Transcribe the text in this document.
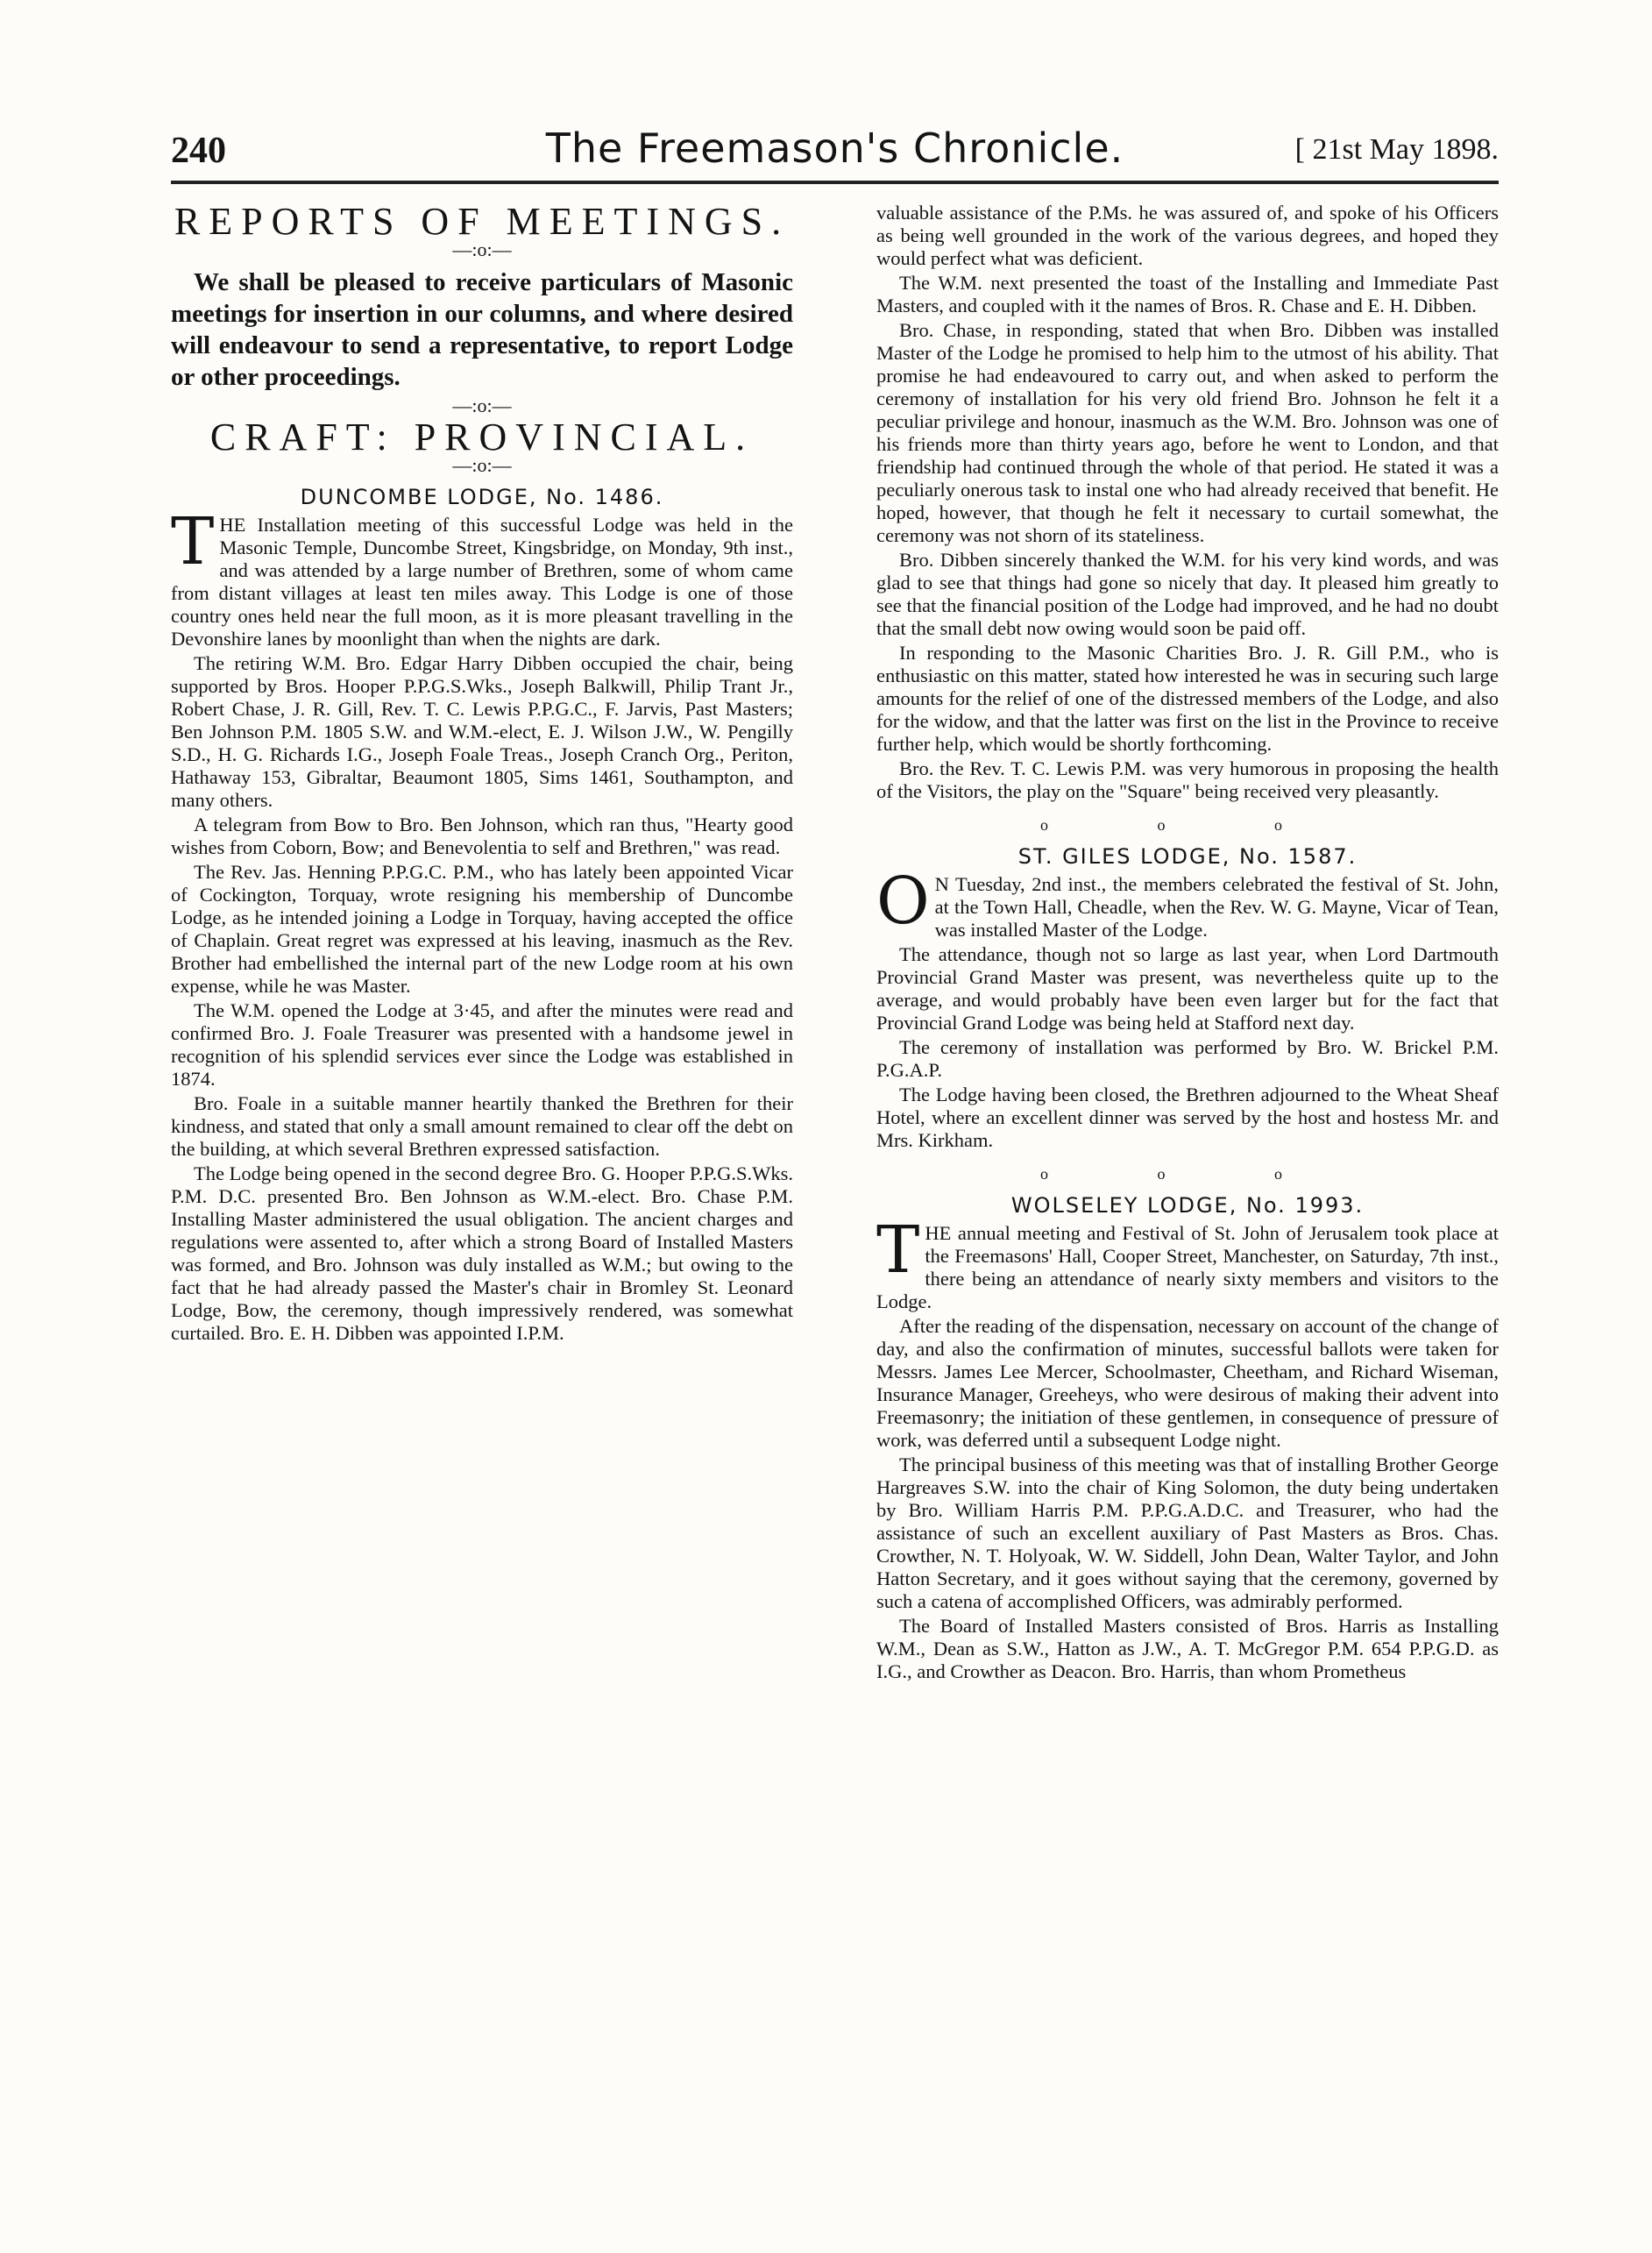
240	The Freemason's Chronicle.	[ 21st May 1898.
REPORTS OF MEETINGS.
—:o:—

We shall be pleased to receive particulars of Masonic meetings for insertion in our columns, and where desired will endeavour to send a representative, to report Lodge or other proceedings.

—:o:—
CRAFT: PROVINCIAL.
—:o:—
DUNCOMBE LODGE, No. 1486.

THE Installation meeting of this successful Lodge was held in the Masonic Temple, Duncombe Street, Kingsbridge, on Monday, 9th inst., and was attended by a large number of Brethren, some of whom came from distant villages at least ten miles away. This Lodge is one of those country ones held near the full moon, as it is more pleasant travelling in the Devonshire lanes by moonlight than when the nights are dark.

The retiring W.M. Bro. Edgar Harry Dibben occupied the chair, being supported by Bros. Hooper P.P.G.S.Wks., Joseph Balkwill, Philip Trant Jr., Robert Chase, J. R. Gill, Rev. T. C. Lewis P.P.G.C., F. Jarvis, Past Masters; Ben Johnson P.M. 1805 S.W. and W.M.-elect, E. J. Wilson J.W., W. Pengilly S.D., H. G. Richards I.G., Joseph Foale Treas., Joseph Cranch Org., Periton, Hathaway 153, Gibraltar, Beaumont 1805, Sims 1461, Southampton, and many others.

A telegram from Bow to Bro. Ben Johnson, which ran thus, "Hearty good wishes from Coborn, Bow; and Benevolentia to self and Brethren," was read.

The Rev. Jas. Henning P.P.G.C. P.M., who has lately been appointed Vicar of Cockington, Torquay, wrote resigning his membership of Duncombe Lodge, as he intended joining a Lodge in Torquay, having accepted the office of Chaplain. Great regret was expressed at his leaving, inasmuch as the Rev. Brother had embellished the internal part of the new Lodge room at his own expense, while he was Master.

The W.M. opened the Lodge at 3·45, and after the minutes were read and confirmed Bro. J. Foale Treasurer was presented with a handsome jewel in recognition of his splendid services ever since the Lodge was established in 1874.

Bro. Foale in a suitable manner heartily thanked the Brethren for their kindness, and stated that only a small amount remained to clear off the debt on the building, at which several Brethren expressed satisfaction.

The Lodge being opened in the second degree Bro. G. Hooper P.P.G.S.Wks. P.M. D.C. presented Bro. Ben Johnson as W.M.-elect. Bro. Chase P.M. Installing Master administered the usual obligation. The ancient charges and regulations were assented to, after which a strong Board of Installed Masters was formed, and Bro. Johnson was duly installed as W.M.; but owing to the fact that he had already passed the Master's chair in Bromley St. Leonard Lodge, Bow, the ceremony, though impressively rendered, was somewhat curtailed. Bro. E. H. Dibben was appointed I.P.M.

valuable assistance of the P.Ms. he was assured of, and spoke of his Officers as being well grounded in the work of the various degrees, and hoped they would perfect what was deficient.

The W.M. next presented the toast of the Installing and Immediate Past Masters, and coupled with it the names of Bros. R. Chase and E. H. Dibben.

Bro. Chase, in responding, stated that when Bro. Dibben was installed Master of the Lodge he promised to help him to the utmost of his ability. That promise he had endeavoured to carry out, and when asked to perform the ceremony of installation for his very old friend Bro. Johnson he felt it a peculiar privilege and honour, inasmuch as the W.M. Bro. Johnson was one of his friends more than thirty years ago, before he went to London, and that friendship had continued through the whole of that period. He stated it was a peculiarly onerous task to instal one who had already received that benefit. He hoped, however, that though he felt it necessary to curtail somewhat, the ceremony was not shorn of its stateliness.

Bro. Dibben sincerely thanked the W.M. for his very kind words, and was glad to see that things had gone so nicely that day. It pleased him greatly to see that the financial position of the Lodge had improved, and he had no doubt that the small debt now owing would soon be paid off.

In responding to the Masonic Charities Bro. J. R. Gill P.M., who is enthusiastic on this matter, stated how interested he was in securing such large amounts for the relief of one of the distressed members of the Lodge, and also for the widow, and that the latter was first on the list in the Province to receive further help, which would be shortly forthcoming.

Bro. the Rev. T. C. Lewis P.M. was very humorous in proposing the health of the Visitors, the play on the "Square" being received very pleasantly.

o o o
ST. GILES LODGE, No. 1587.

O N Tuesday, 2nd inst., the members celebrated the festival of St. John, at the Town Hall, Cheadle, when the Rev. W. G. Mayne, Vicar of Tean, was installed Master of the Lodge.

The attendance, though not so large as last year, when Lord Dartmouth Provincial Grand Master was present, was nevertheless quite up to the average, and would probably have been even larger but for the fact that Provincial Grand Lodge was being held at Stafford next day.

The ceremony of installation was performed by Bro. W. Brickel P.M. P.G.A.P.

The Lodge having been closed, the Brethren adjourned to the Wheat Sheaf Hotel, where an excellent dinner was served by the host and hostess Mr. and Mrs. Kirkham.

o o o
WOLSELEY LODGE, No. 1993.

THE annual meeting and Festival of St. John of Jerusalem took place at the Freemasons' Hall, Cooper Street, Manchester, on Saturday, 7th inst., there being an attendance of nearly sixty members and visitors to the Lodge.

After the reading of the dispensation, necessary on account of the change of day, and also the confirmation of minutes, successful ballots were taken for Messrs. James Lee Mercer, Schoolmaster, Cheetham, and Richard Wiseman, Insurance Manager, Greeheys, who were desirous of making their advent into Freemasonry; the initiation of these gentlemen, in consequence of pressure of work, was deferred until a subsequent Lodge night.

The principal business of this meeting was that of installing Brother George Hargreaves S.W. into the chair of King Solomon, the duty being undertaken by Bro. William Harris P.M. P.P.G.A.D.C. and Treasurer, who had the assistance of such an excellent auxiliary of Past Masters as Bros. Chas. Crowther, N. T. Holyoak, W. W. Siddell, John Dean, Walter Taylor, and John Hatton Secretary, and it goes without saying that the ceremony, governed by such a catena of accomplished Officers, was admirably performed.

The Board of Installed Masters consisted of Bros. Harris as Installing W.M., Dean as S.W., Hatton as J.W., A. T. McGregor P.M. 654 P.P.G.D. as I.G., and Crowther as Deacon. Bro. Harris, than whom Prometheus
